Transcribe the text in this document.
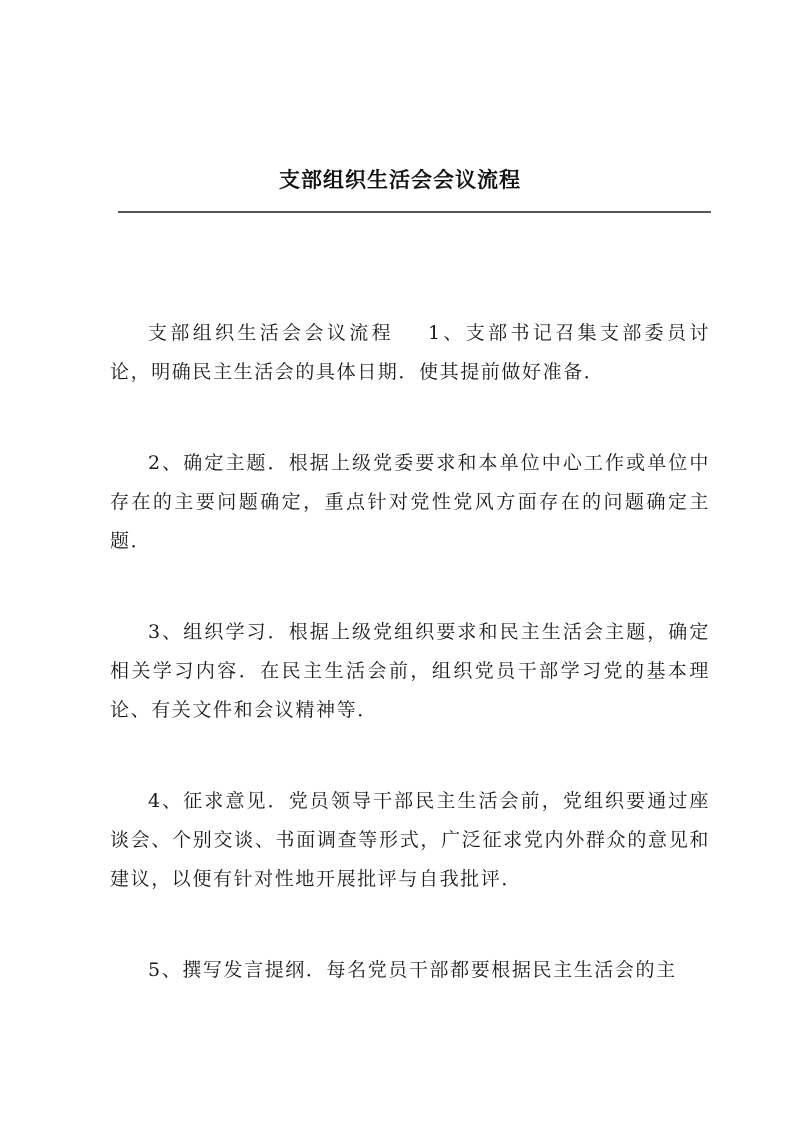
支部组织生活会会议流程

支部组织生活会会议流程 1、支部书记召集支部委员讨论，明确民主生活会的具体日期．使其提前做好准备．

2、确定主题．根据上级党委要求和本单位中心工作或单位中存在的主要问题确定，重点针对党性党风方面存在的问题确定主题．

3、组织学习．根据上级党组织要求和民主生活会主题，确定相关学习内容．在民主生活会前，组织党员干部学习党的基本理论、有关文件和会议精神等．

4、征求意见．党员领导干部民主生活会前，党组织要通过座谈会、个别交谈、书面调查等形式，广泛征求党内外群众的意见和建议，以便有针对性地开展批评与自我批评．

5、撰写发言提纲．每名党员干部都要根据民主生活会的主
